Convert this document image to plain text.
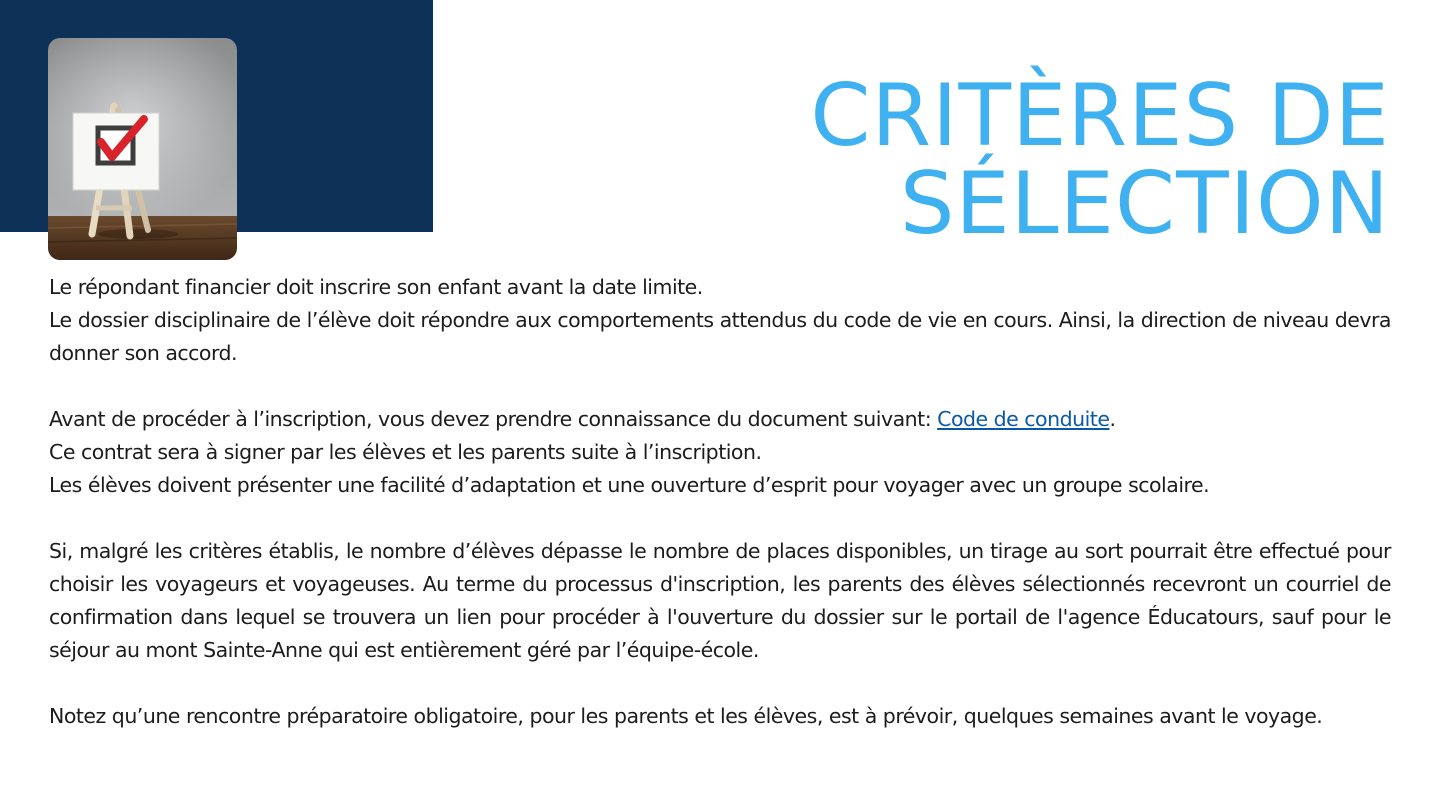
CRITÈRES DE
SÉLECTION

Le répondant financier doit inscrire son enfant avant la date limite.

Le dossier disciplinaire de l’élève doit répondre aux comportements attendus du code de vie en cours. Ainsi, la direction de niveau devra donner son accord.

Avant de procéder à l’inscription, vous devez prendre connaissance du document suivant: Code de conduite.

Ce contrat sera à signer par les élèves et les parents suite à l’inscription.

Les élèves doivent présenter une facilité d’adaptation et une ouverture d’esprit pour voyager avec un groupe scolaire.

Si, malgré les critères établis, le nombre d’élèves dépasse le nombre de places disponibles, un tirage au sort pourrait être effectué pour choisir les voyageurs et voyageuses. Au terme du processus d'inscription, les parents des élèves sélectionnés recevront un courriel de confirmation dans lequel se trouvera un lien pour procéder à l'ouverture du dossier sur le portail de l'agence Éducatours, sauf pour le séjour au mont Sainte-Anne qui est entièrement géré par l’équipe-école.

Notez qu’une rencontre préparatoire obligatoire, pour les parents et les élèves, est à prévoir, quelques semaines avant le voyage.
